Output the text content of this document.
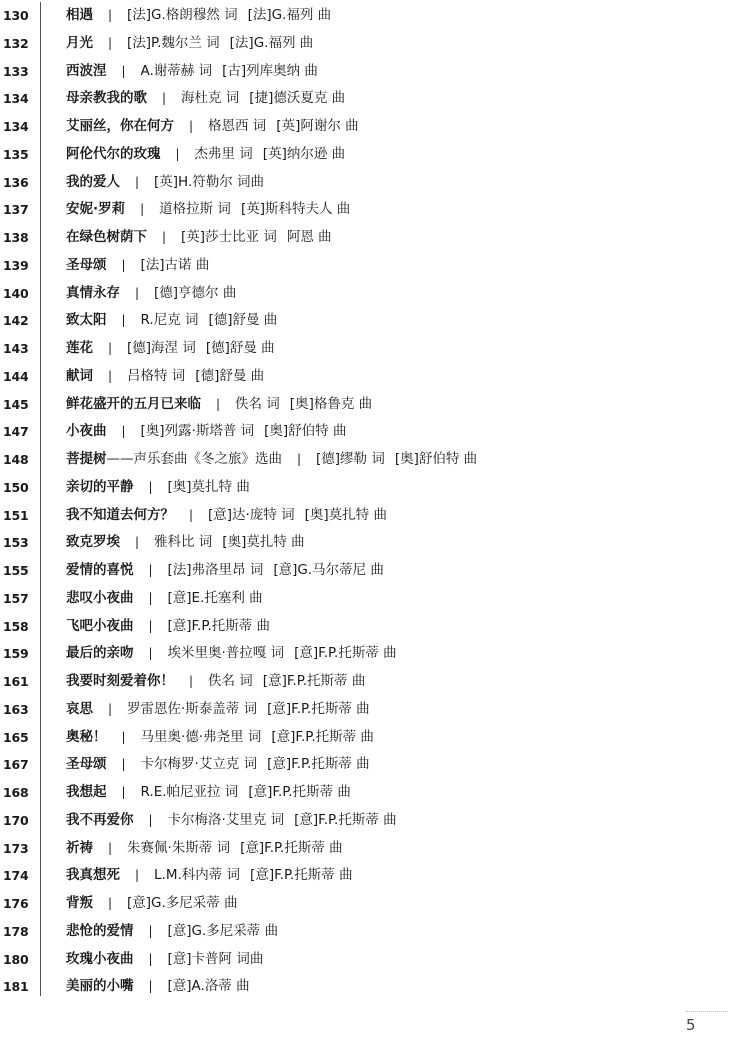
130	相遇 | [法]G.格朗穆然 词 [法]G.福列 曲
132	月光 | [法]P.魏尔兰 词 [法]G.福列 曲
133	西波涅 | A.谢蒂赫 词 [古]列库奥纳 曲
134	母亲教我的歌 | 海杜克 词 [捷]德沃夏克 曲
134	艾丽丝，你在何方 | 格恩西 词 [英]阿谢尔 曲
135	阿伦代尔的玫瑰 | 杰弗里 词 [英]纳尔逊 曲
136	我的爱人 | [英]H.符勒尔 词曲
137	安妮·罗莉 | 道格拉斯 词 [英]斯科特夫人 曲
138	在绿色树荫下 | [英]莎士比亚 词 阿恩 曲
139	圣母颂 | [法]古诺 曲
140	真情永存 | [德]亨德尔 曲
142	致太阳 | R.尼克 词 [德]舒曼 曲
143	莲花 | [德]海涅 词 [德]舒曼 曲
144	献词 | 吕格特 词 [德]舒曼 曲
145	鲜花盛开的五月已来临 | 佚名 词 [奥]格鲁克 曲
147	小夜曲 | [奥]列露·斯塔普 词 [奥]舒伯特 曲
148	菩提树——声乐套曲《冬之旅》选曲 | [德]缪勒 词 [奥]舒伯特 曲
150	亲切的平静 | [奥]莫扎特 曲
151	我不知道去何方？ | [意]达·庞特 词 [奥]莫扎特 曲
153	致克罗埃 | 雅科比 词 [奥]莫扎特 曲
155	爱情的喜悦 | [法]弗洛里昂 词 [意]G.马尔蒂尼 曲
157	悲叹小夜曲 | [意]E.托塞利 曲
158	飞吧小夜曲 | [意]F.P.托斯蒂 曲
159	最后的亲吻 | 埃米里奥·普拉嘎 词 [意]F.P.托斯蒂 曲
161	我要时刻爱着你！ | 佚名 词 [意]F.P.托斯蒂 曲
163	哀思 | 罗雷恩佐·斯泰盖蒂 词 [意]F.P.托斯蒂 曲
165	奥秘！ | 马里奥·德·弗尧里 词 [意]F.P.托斯蒂 曲
167	圣母颂 | 卡尔梅罗·艾立克 词 [意]F.P.托斯蒂 曲
168	我想起 | R.E.帕尼亚拉 词 [意]F.P.托斯蒂 曲
170	我不再爱你 | 卡尔梅洛·艾里克 词 [意]F.P.托斯蒂 曲
173	祈祷 | 朱赛佩·朱斯蒂 词 [意]F.P.托斯蒂 曲
174	我真想死 | L.M.科内蒂 词 [意]F.P.托斯蒂 曲
176	背叛 | [意]G.多尼采蒂 曲
178	悲怆的爱情 | [意]G.多尼采蒂 曲
180	玫瑰小夜曲 | [意]卡普阿 词曲
181	美丽的小嘴 | [意]A.洛蒂 曲
5
